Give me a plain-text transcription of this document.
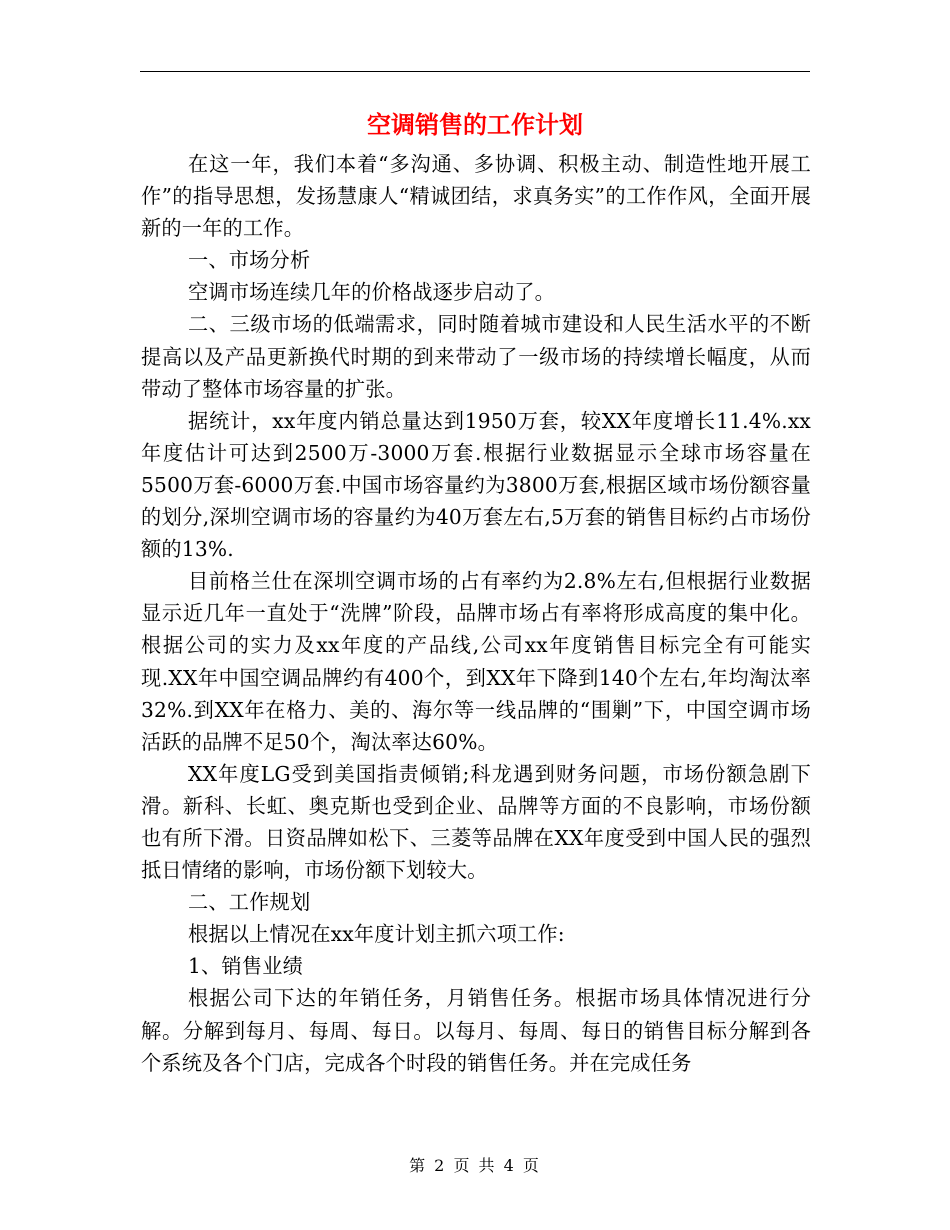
空调销售的工作计划

在这一年，我们本着“多沟通、多协调、积极主动、制造性地开展工作”的指导思想，发扬慧康人“精诚团结，求真务实”的工作作风，全面开展新的一年的工作。

一、市场分析

空调市场连续几年的价格战逐步启动了。

二、三级市场的低端需求，同时随着城市建设和人民生活水平的不断提高以及产品更新换代时期的到来带动了一级市场的持续增长幅度，从而带动了整体市场容量的扩张。

据统计，xx年度内销总量达到1950万套，较XX年度增长11.4%.xx年度估计可达到2500万-3000万套.根据行业数据显示全球市场容量在5500万套-6000万套.中国市场容量约为3800万套,根据区域市场份额容量的划分,深圳空调市场的容量约为40万套左右,5万套的销售目标约占市场份额的13%.

目前格兰仕在深圳空调市场的占有率约为2.8%左右,但根据行业数据显示近几年一直处于“洗牌”阶段，品牌市场占有率将形成高度的集中化。根据公司的实力及xx年度的产品线,公司xx年度销售目标完全有可能实现.XX年中国空调品牌约有400个，到XX年下降到140个左右,年均淘汰率32%.到XX年在格力、美的、海尔等一线品牌的“围剿”下，中国空调市场活跃的品牌不足50个，淘汰率达60%。

XX年度LG受到美国指责倾销;科龙遇到财务问题，市场份额急剧下滑。新科、长虹、奥克斯也受到企业、品牌等方面的不良影响，市场份额也有所下滑。日资品牌如松下、三菱等品牌在XX年度受到中国人民的强烈抵日情绪的影响，市场份额下划较大。

二、工作规划

根据以上情况在xx年度计划主抓六项工作:

1、销售业绩

根据公司下达的年销任务，月销售任务。根据市场具体情况进行分解。分解到每月、每周、每日。以每月、每周、每日的销售目标分解到各个系统及各个门店，完成各个时段的销售任务。并在完成任务

第 2 页 共 4 页
